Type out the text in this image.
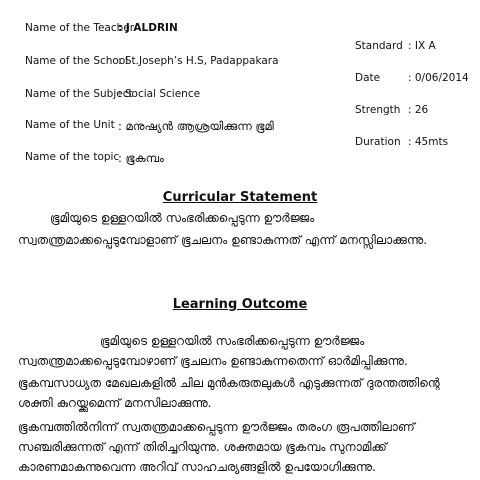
Name of the Teacher
: J ALDRIN
Name of the School
: St.Joseph’s H.S, Padappakara
Name of the Subject
: Social Science
Name of the Unit : മനുഷ്യൻ ആശ്രയിക്കുന്ന ഭൂമി
Name of the topic
: ഭൂകമ്പം
Standard : IX A
Date	: 0/06/2014
Strength : 26
Duration : 45mts
Curricular Statement
ഭൂമിയുടെ ഉള്ളറയിൽ സംഭരിക്കപ്പെടുന്ന ഊർജ്ജം
സ്വതന്ത്രമാക്കപ്പെടുമ്പോളാണ് ഭൂചലനം ഉണ്ടാകുന്നത് എന്ന് മനസ്സിലാക്കുന്നു.
Learning Outcome
ഭൂമിയുടെ ഉള്ളറയിൽ സംഭരിക്കപ്പെടുന്ന ഊർജ്ജം
സ്വതന്ത്രമാക്കപ്പെടുമ്പോഴാണ് ഭൂചലനം ഉണ്ടാകുന്നതെന്ന് ഓർമിപ്പിക്കുന്നു.
ഭൂകമ്പസാധ്യത മേഖലകളിൽ ചില മുൻകരുതലുകൾ എടുക്കുന്നത് ദുരന്തത്തിന്റെ
ശക്തി കുറയ്ക്കുമെന്ന് മനസിലാക്കുന്നു.
ഭൂകമ്പത്തിൽനിന്ന് സ്വതന്ത്രമാക്കപ്പെടുന്ന ഊർജ്ജം തരംഗ രൂപത്തിലാണ്
സഞ്ചരിക്കുന്നത് എന്ന് തിരിച്ചറിയുന്നു. ശക്തമായ ഭൂകമ്പം സുനാമിക്ക്
കാരണമാകുന്നുവെന്ന അറിവ് സാഹചര്യങ്ങളിൽ ഉപയോഗിക്കുന്നു.
